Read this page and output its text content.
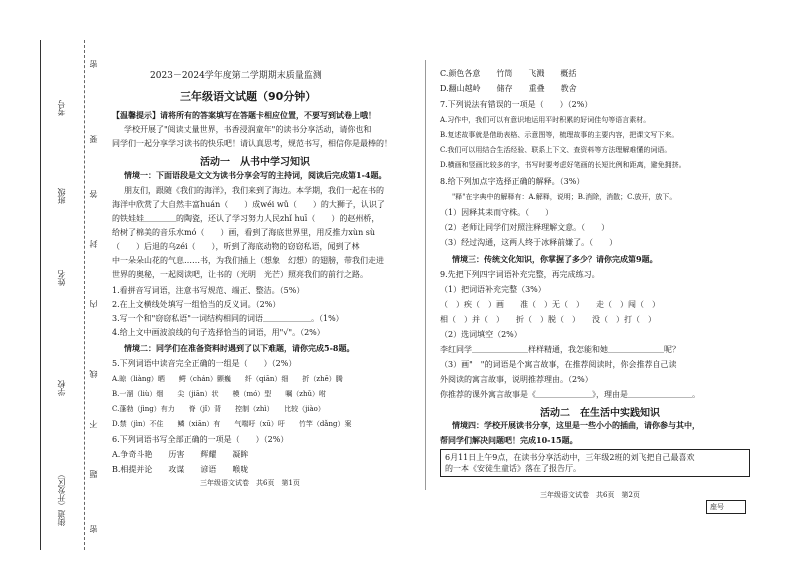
考号
班级
姓名
学校
街道（开发区）
密
要
答
封
内
线
不
题
密
2023－2024学年度第二学期期末质量监测
三年级语文试题（90分钟）
【温馨提示】请将所有的答案填写在答题卡相应位置，不要写到试卷上哦！
学校开展了"阅读丈量世界，书香浸润童年"的读书分享活动，请你也和
同学们一起分享学习读书的快乐吧！请认真思考，规范书写，相信你是最棒的！
活动一　从书中学习知识
情境一：下面语段是文文为读书分享会写的主持词，阅读后完成第1-4题。
朋友们，跟随《我们的海洋》，我们来到了海边。本学期，我们一起在书的
海洋中欣赏了大自然丰富huán（　　）成wéi wǔ（　　）的大狮子，认识了
的铁娃娃＿＿＿＿的陶瓷，还认了学习努力人民zhǐ huī（　　）的赵州桥，
给树了棉美的音乐水mó（　　）画，看到了海底世界里，用反推力xùn sù
（　　）后退的乌zéi（　　），听到了海底动物的窃窃私语，闻到了林
中一朵朵山花的气息……书，为我们插上（想象　幻想）的翅膀，带我们走进
世界的奥秘，一起阅读吧，让书的（光明　光芒）照亮我们的前行之路。
1.看拼音写词语，注意书写规范、端正、整洁。（5%）
2.在上文横线处填写一组恰当的反义词。（2%）
3.写一个和"窃窃私语"一词结构相同的词语＿＿＿＿＿＿。（1%）
4.给上文中画波浪线的句子选择恰当的词语，用"√"。（2%）
情境二：同学们在准备资料时遇到了以下难题，请你完成5-8题。
5.下列词语中读音完全正确的一组是（　　）（2%）
A.晾（liàng）晒　　鳄（chán）颤巍　　纤（qiān）细　　折（zhē）腾
B.一溜（liù）烟　　尖（jiān）状　　模（mó）型　　嘱（zhǔ）咐
C.蓬勃（jìng）有力　　脊（jǐ）背　　控制（zhì）　　比较（jiào）
D.禁（jìn）不住　　鳞（xiān）有　　气喘吁（xū）吁　　竹竿（dǎng）案
6.下列词语书写全部正确的一项是（　　）（2%）
A.争奇斗艳　　历害　　辉耀　　凝眸
B.相提并论　　攻谋　　谚语　　喉咙
三年级语文试卷　共6页　第1页
C.颜色各意　　竹筒　　飞溅　　概括
D.翻山越岭　　储存　　重叠　　教舍
7.下列说法有错误的一项是（　　）（2%）
A.习作中，我们可以有意识地运用平时积累的好词佳句等语言素材。
B.复述故事就是借助表格、示意图等，梳理故事的主要内容，把课文写下来。
C.我们可以用结合生活经验、联系上下文、查资料等方法理解难懂的词语。
D.横画和竖画比较多的字，书写时要考虑好笔画的长短比例和距离，避免拥挤。
8.给下列加点字选择正确的解释。（3%）
"释"在字典中的解释有：A.解释，说明；B.消除，消散；C.放开，放下。
（1）因释其耒而守株。（　　）
（2）老师让同学们对照注释理解文意。（　　）
（3）经过沟通，这两人终于冰释前嫌了。（　　）
情境三：传统文化知识，你掌握了多少？请你完成第9题。
9.先把下列四字词语补充完整，再完成练习。
（1）把词语补充完整（3%）
（　）疾（　）画　　准（　）无（　）　　走（　）闯（　）
相（　）并（　）　　折（　）脱（　）　　没（　）打（　）
（2）选词填空（2%）
李红同学＿＿＿＿＿＿＿样样精通，我怎能和她＿＿＿＿＿＿＿呢？
（3）画"　"的词语是个寓言故事，在推荐阅读时，你会推荐自己读
外阅读的寓言故事，说明推荐理由。（2%）
你推荐的课外寓言故事是《＿＿＿＿＿＿＿》，理由是＿＿＿＿＿＿＿＿。
活动二　在生活中实践知识
情境四：学校开展读书分享，这里是一些小小的插曲，请你参与其中，
帮同学们解决问题吧！完成10-15题。
6月11日上午9点，在读书分享活动中，三年级2班的刘飞把自己最喜欢
的一本《安徒生童话》落在了报告厅。
三年级语文试卷　共6页　第2页
座号
